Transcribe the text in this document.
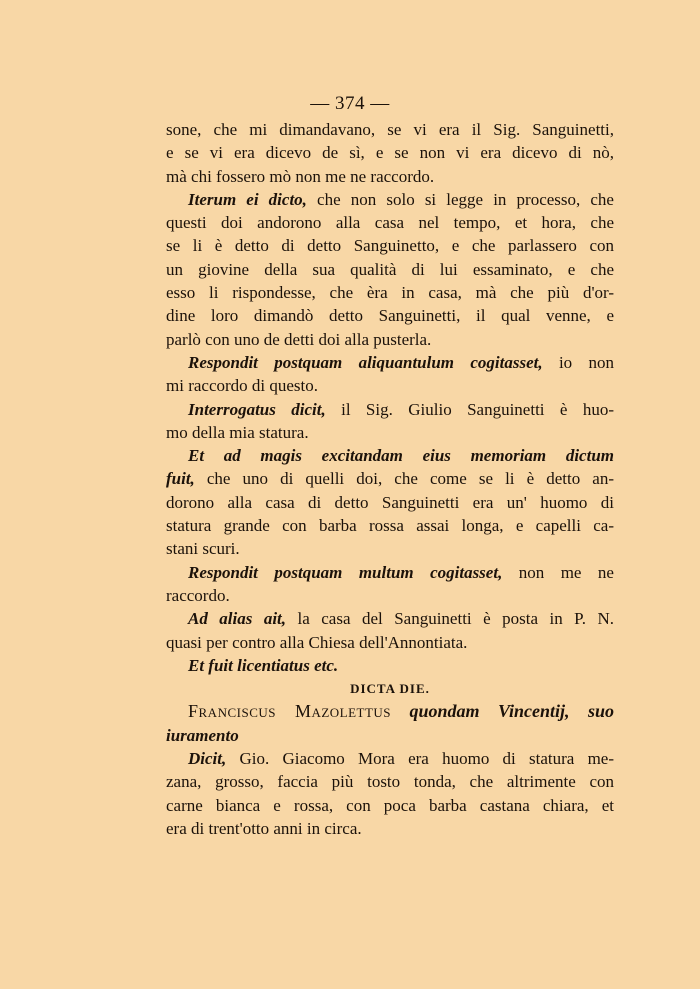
— 374 —
sone, che mi dimandavano, se vi era il Sig. Sanguinetti,
e se vi era dicevo de sì, e se non vi era dicevo di nò,
mà chi fossero mò non me ne raccordo.
Iterum ei dicto, che non solo si legge in processo, che
questi doi andorono alla casa nel tempo, et hora, che
se li è detto di detto Sanguinetto, e che parlassero con
un giovine della sua qualità di lui essaminato, e che
esso li rispondesse, che èra in casa, mà che più d'or-
dine loro dimandò detto Sanguinetti, il qual venne, e
parlò con uno de detti doi alla pusterla.
Respondit postquam aliquantulum cogitasset, io non
mi raccordo di questo.
Interrogatus dicit, il Sig. Giulio Sanguinetti è huo-
mo della mia statura.
Et ad magis excitandam eius memoriam dictum
fuit, che uno di quelli doi, che come se li è detto an-
dorono alla casa di detto Sanguinetti era un' huomo di
statura grande con barba rossa assai longa, e capelli ca-
stani scuri.
Respondit postquam multum cogitasset, non me ne
raccordo.
Ad alias ait, la casa del Sanguinetti è posta in P. N.
quasi per contro alla Chiesa dell'Annontiata.
Et fuit licentiatus etc.
DICTA DIE.
Franciscus Mazolettus quondam Vincentij, suo
iuramento
Dicit, Gio. Giacomo Mora era huomo di statura me-
zana, grosso, faccia più tosto tonda, che altrimente con
carne bianca e rossa, con poca barba castana chiara, et
era di trent'otto anni in circa.
